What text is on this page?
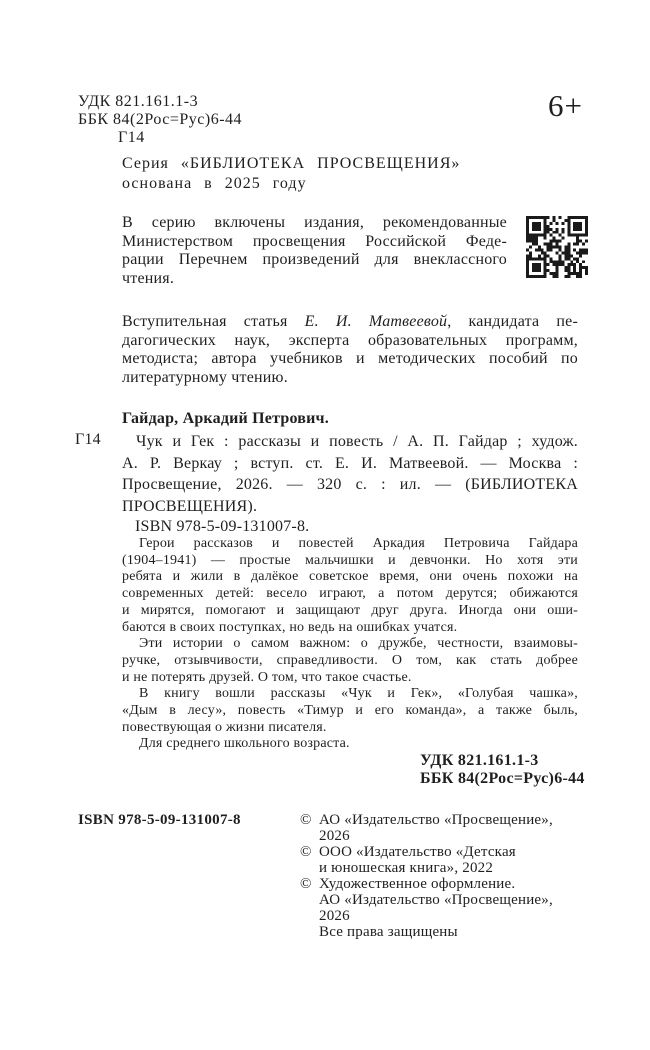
УДК 821.161.1-3
ББК 84(2Рос=Рус)6-44
Г14
6+
Серия «БИБЛИОТЕКА ПРОСВЕЩЕНИЯ»
основана в 2025 году
В серию включены издания, рекомендованные
Министерством просвещения Российской Феде-
рации Перечнем произведений для внеклассного
чтения.
Вступительная статья Е. И. Матвеевой, кандидата пе-
дагогических наук, эксперта образовательных программ,
методиста; автора учебников и методических пособий по
литературному чтению.
Гайдар, Аркадий Петрович.
Г14	Чук и Гек : рассказы и повесть / А. П. Гайдар ; худож.
А. Р. Веркау ; вступ. ст. Е. И. Матвеевой. — Москва :
Просвещение, 2026. — 320 с. : ил. — (БИБЛИОТЕКА
ПРОСВЕЩЕНИЯ).
ISBN 978-5-09-131007-8.
Герои рассказов и повестей Аркадия Петровича Гайдара
(1904–1941) — простые мальчишки и девчонки. Но хотя эти
ребята и жили в далёкое советское время, они очень похожи на
современных детей: весело играют, а потом дерутся; обижаются
и мирятся, помогают и защищают друг друга. Иногда они оши-
баются в своих поступках, но ведь на ошибках учатся.
Эти истории о самом важном: о дружбе, честности, взаимовы-
ручке, отзывчивости, справедливости. О том, как стать добрее
и не потерять друзей. О том, что такое счастье.
В книгу вошли рассказы «Чук и Гек», «Голубая чашка»,
«Дым в лесу», повесть «Тимур и его команда», а также быль,
повествующая о жизни писателя.
Для среднего школьного возраста.
УДК 821.161.1-3
ББК 84(2Рос=Рус)6-44
ISBN 978-5-09-131007-8	© АО «Издательство «Просвещение»,
2026
© ООО «Издательство «Детская
и юношеская книга», 2022
© Художественное оформление.
АО «Издательство «Просвещение»,
2026
Все права защищены
